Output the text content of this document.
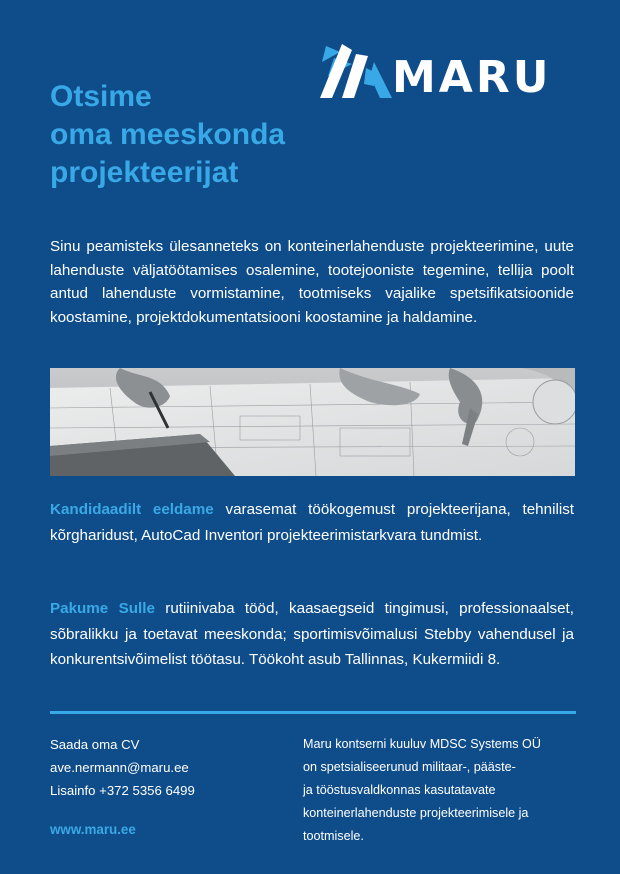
MARU
Otsime
oma meeskonda
projekteerijat
Sinu peamisteks ülesanneteks on konteinerlahenduste projekteerimine, uute lahenduste väljatöötamises osalemine, tootejooniste tegemine, tellija poolt antud lahenduste vormistamine, tootmiseks vajalike spetsifikatsioonide koostamine, projektdokumentatsiooni koostamine ja haldamine.
Kandidaadilt eeldame varasemat töökogemust projekteerijana, tehnilist kõrgharidust, AutoCad Inventori projekteerimistarkvara tundmist.
Pakume Sulle rutiinivaba tööd, kaasaegseid tingimusi, professionaalset, sõbralikku ja toetavat meeskonda; sportimisvõimalusi Stebby vahendusel ja konkurentsivõimelist töötasu. Töökoht asub Tallinnas, Kukermiidi 8.
Saada oma CV
ave.nermann@maru.ee
Lisainfo +372 5356 6499
www.maru.ee
Maru kontserni kuuluv MDSC Systems OÜ
on spetsialiseerunud militaar-, pääste-
ja tööstusvaldkonnas kasutatavate
konteinerlahenduste projekteerimisele ja
tootmisele.
